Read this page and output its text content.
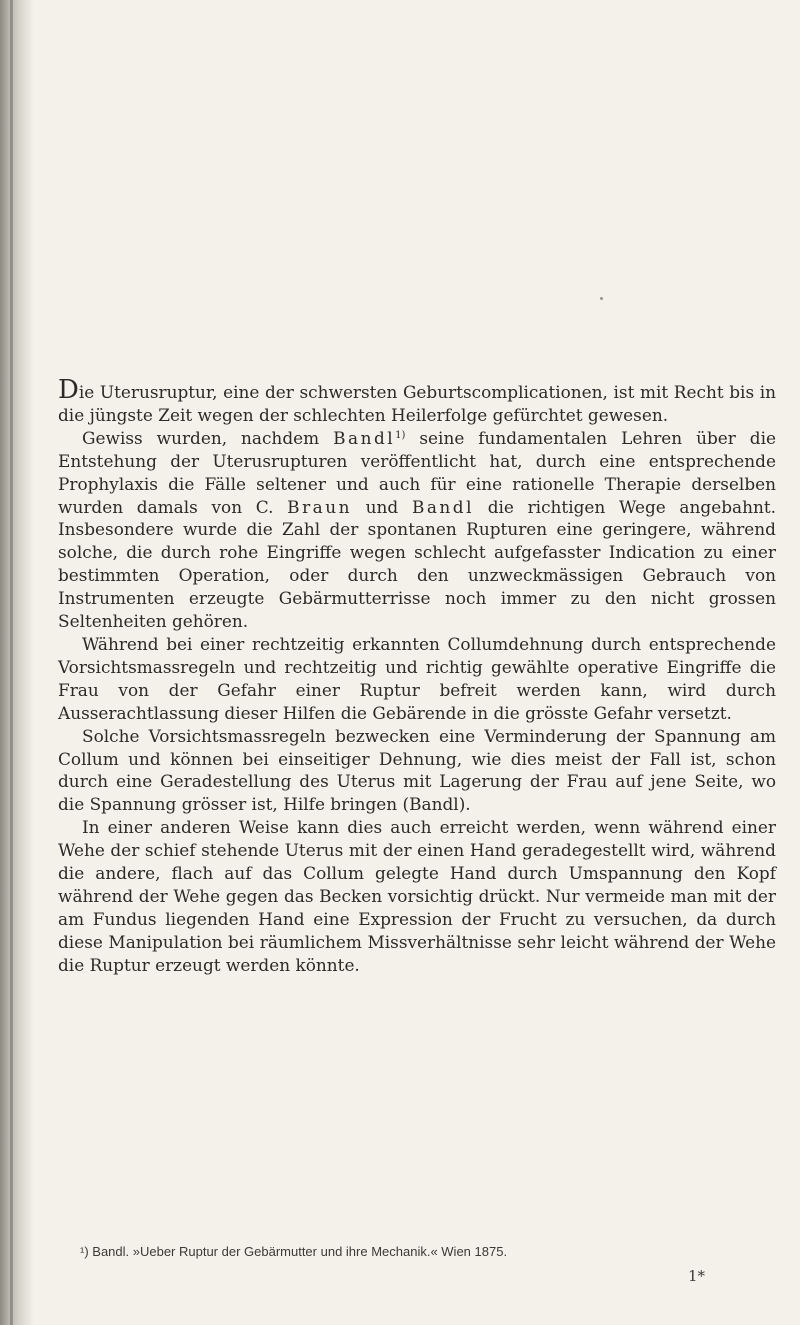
Die Uterusruptur, eine der schwersten Geburtscomplicationen, ist mit Recht bis in die jüngste Zeit wegen der schlechten Heilerfolge gefürchtet gewesen.

Gewiss wurden, nachdem Bandl$^{1)}$ seine fundamentalen Lehren über die Entstehung der Uterusrupturen veröffentlicht hat, durch eine entsprechende Prophylaxis die Fälle seltener und auch für eine rationelle Therapie derselben wurden damals von C. Braun und Bandl die richtigen Wege angebahnt. Insbesondere wurde die Zahl der spontanen Rupturen eine geringere, während solche, die durch rohe Eingriffe wegen schlecht aufgefasster Indication zu einer bestimmten Operation, oder durch den unzweckmässigen Gebrauch von Instrumenten erzeugte Gebärmutterrisse noch immer zu den nicht grossen Seltenheiten gehören.

Während bei einer rechtzeitig erkannten Collumdehnung durch entsprechende Vorsichtsmassregeln und rechtzeitig und richtig gewählte operative Eingriffe die Frau von der Gefahr einer Ruptur befreit werden kann, wird durch Ausserachtlassung dieser Hilfen die Gebärende in die grösste Gefahr versetzt.

Solche Vorsichtsmassregeln bezwecken eine Verminderung der Spannung am Collum und können bei einseitiger Dehnung, wie dies meist der Fall ist, schon durch eine Geradestellung des Uterus mit Lagerung der Frau auf jene Seite, wo die Spannung grösser ist, Hilfe bringen (Bandl).

In einer anderen Weise kann dies auch erreicht werden, wenn während einer Wehe der schief stehende Uterus mit der einen Hand geradegestellt wird, während die andere, flach auf das Collum gelegte Hand durch Umspannung den Kopf während der Wehe gegen das Becken vorsichtig drückt. Nur vermeide man mit der am Fundus liegenden Hand eine Expression der Frucht zu versuchen, da durch diese Manipulation bei räumlichem Missverhältnisse sehr leicht während der Wehe die Ruptur erzeugt werden könnte.

¹) Bandl. »Ueber Ruptur der Gebärmutter und ihre Mechanik.« Wien 1875.
1*
